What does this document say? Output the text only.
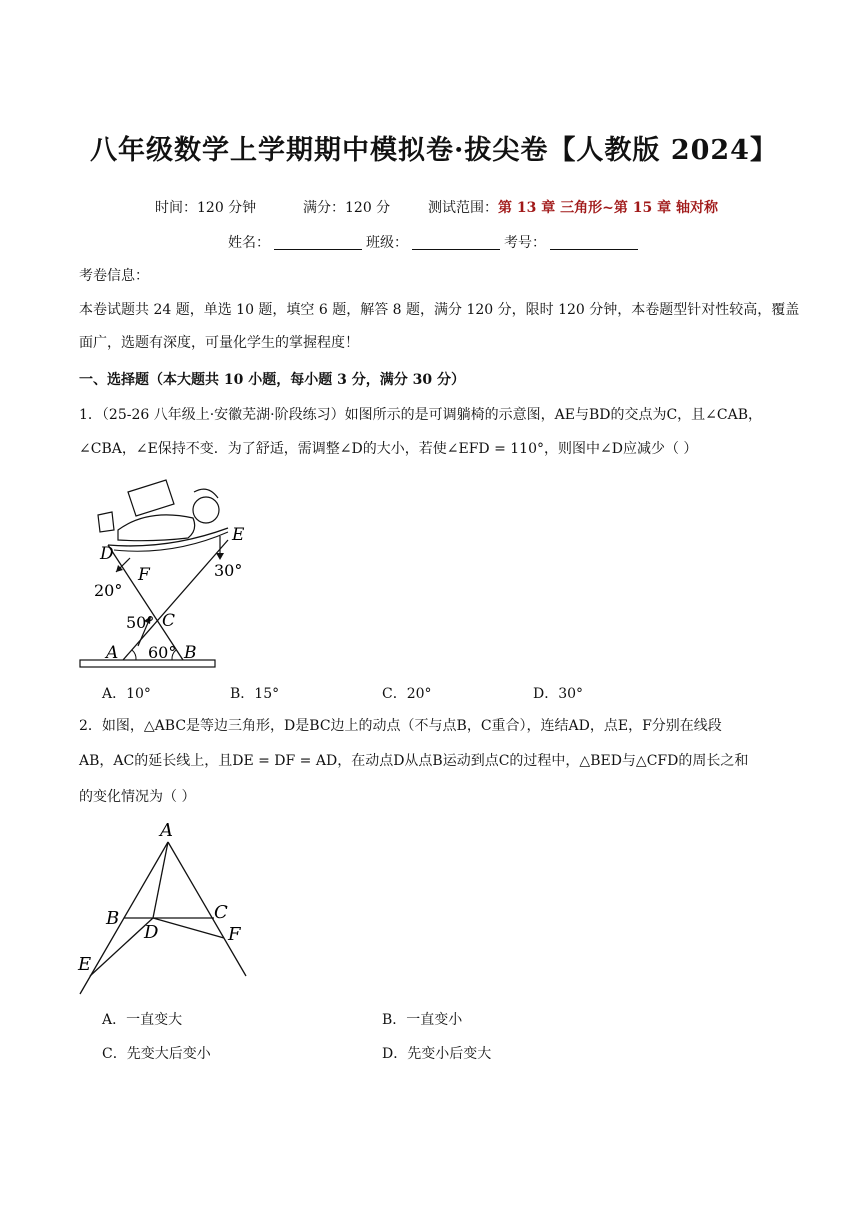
八年级数学上学期期中模拟卷·拔尖卷【人教版 2024】
时间：120 分钟	满分：120 分	测试范围：第 13 章 三角形~第 15 章 轴对称
姓名：	班级：	考号：
考卷信息：
本卷试题共 24 题，单选 10 题，填空 6 题，解答 8 题，满分 120 分，限时 120 分钟，本卷题型针对性较高，覆盖
面广，选题有深度，可量化学生的掌握程度！
一、选择题（本大题共 10 小题，每小题 3 分，满分 30 分）
1．（25-26 八年级上·安徽芜湖·阶段练习）如图所示的是可调躺椅的示意图，AE与BD的交点为C，且∠CAB，
∠CBA，∠E保持不变．为了舒适，需调整∠D的大小，若使∠EFD = 110°，则图中∠D应减少（ ）
D
E
F
C
A	B
20°
30°
50°
60°
A．10°	B．15°	C．20°	D．30°
2．如图，△ABC是等边三角形，D是BC边上的动点（不与点B，C重合），连结AD，点E，F分别在线段
AB，AC的延长线上，且DE = DF = AD，在动点D从点B运动到点C的过程中，△BED与△CFD的周长之和
的变化情况为（ ）
A
B	C
D
E
F
A．一直变大	B．一直变小
C．先变大后变小	D．先变小后变大
